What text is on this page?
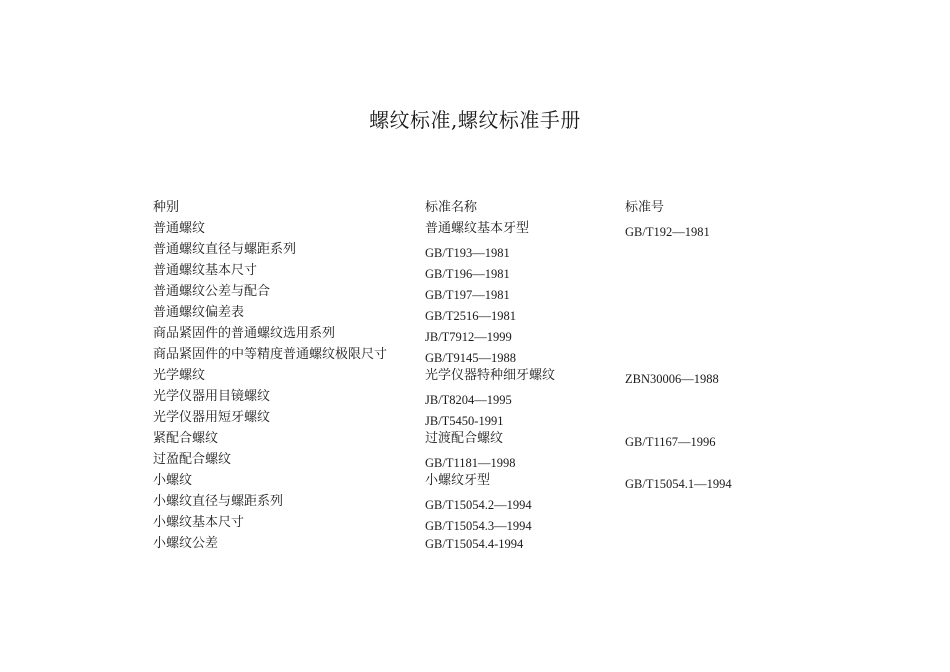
螺纹标准,螺纹标准手册
种别	标准名称	标准号
普通螺纹	普通螺纹基本牙型	GB/T192—1981
普通螺纹直径与螺距系列	GB/T193—1981
普通螺纹基本尺寸	GB/T196—1981
普通螺纹公差与配合	GB/T197—1981
普通螺纹偏差表	GB/T2516—1981
商品紧固件的普通螺纹选用系列	JB/T7912—1999
商品紧固件的中等精度普通螺纹极限尺寸	GB/T9145—1988
光学螺纹	光学仪器特种细牙螺纹	ZBN30006—1988
光学仪器用目镜螺纹	JB/T8204—1995
光学仪器用短牙螺纹	JB/T5450-1991
紧配合螺纹	过渡配合螺纹	GB/T1167—1996
过盈配合螺纹	GB/T1181—1998
小螺纹	小螺纹牙型	GB/T15054.1—1994
小螺纹直径与螺距系列	GB/T15054.2—1994
小螺纹基本尺寸	GB/T15054.3—1994
小螺纹公差	GB/T15054.4-1994
